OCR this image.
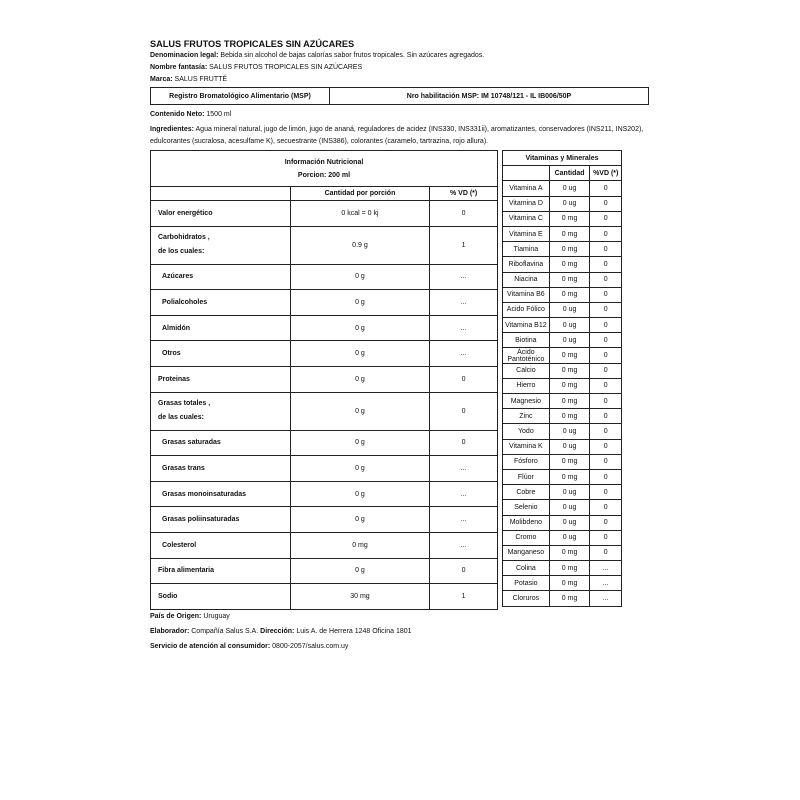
SALUS FRUTOS TROPICALES SIN AZÚCARES
Denominacion legal: Bebida sin alcohol de bajas calorías sabor frutos tropicales. Sin azúcares agregados.
Nombre fantasía: SALUS FRUTOS TROPICALES SIN AZÚCARES
Marca: SALUS FRUTTÉ
Registro Bromatológico Alimentario (MSP)	Nro habilitación MSP: IM 10748/121 - IL IB006/50P
Contenido Neto: 1500 ml
Ingredientes: Agua mineral natural, jugo de limón, jugo de ananá, reguladores de acidez (INS330, INS331ii), aromatizantes, conservadores (INS211, INS202), edulcorantes (sucralosa, acesulfame K), secuestrante (INS386), colorantes (caramelo, tartrazina, rojo allura).
Información Nutricional
Porcion: 200 ml		

	Cantidad por porción	% VD (*)
Valor energético	0 kcal = 0 kj	0

Carbohidratos ,
de los cuales:	0.9 g	1
Azúcares	0 g	...
Polialcoholes	0 g	...
Almidón	0 g	...
Otros	0 g	...
Proteinas	0 g	0

Grasas totales ,
de las cuales:	0 g	0
Grasas saturadas	0 g	0
Grasas trans	0 g	...
Grasas monoinsaturadas	0 g	...
Grasas poliinsaturadas	0 g	...
Colesterol	0 mg	...
Fibra alimentaria	0 g	0
Sodio	30 mg	1
Vitaminas y Minerales		
	Cantidad	%VD (*)
Vitamina A	0 ug	0
Vitamina D	0 ug	0
Vitamina C	0 mg	0
Vitamina E	0 mg	0
Tiamina	0 mg	0
Riboflavina	0 mg	0
Niacina	0 mg	0
Vitamina B6	0 mg	0
Acido Fólico	0 ug	0
Vitamina B12	0 ug	0
Biotina	0 ug	0
Ácido Pantoténico	0 mg	0
Calcio	0 mg	0
Hierro	0 mg	0
Magnesio	0 mg	0
Zinc	0 mg	0
Yodo	0 ug	0
Vitamina K	0 ug	0
Fósforo	0 mg	0
Flúor	0 mg	0
Cobre	0 ug	0
Selenio	0 ug	0
Molibdeno	0 ug	0
Cromo	0 ug	0
Manganeso	0 mg	0
Colina	0 mg	...
Potasio	0 mg	...
Cloruros	0 mg	...
País de Origen: Uruguay
Elaborador: Compañía Salus S.A. Dirección: Luis A. de Herrera 1248 Oficina 1801
Servicio de atención al consumidor: 0800-2057/salus.com.uy
